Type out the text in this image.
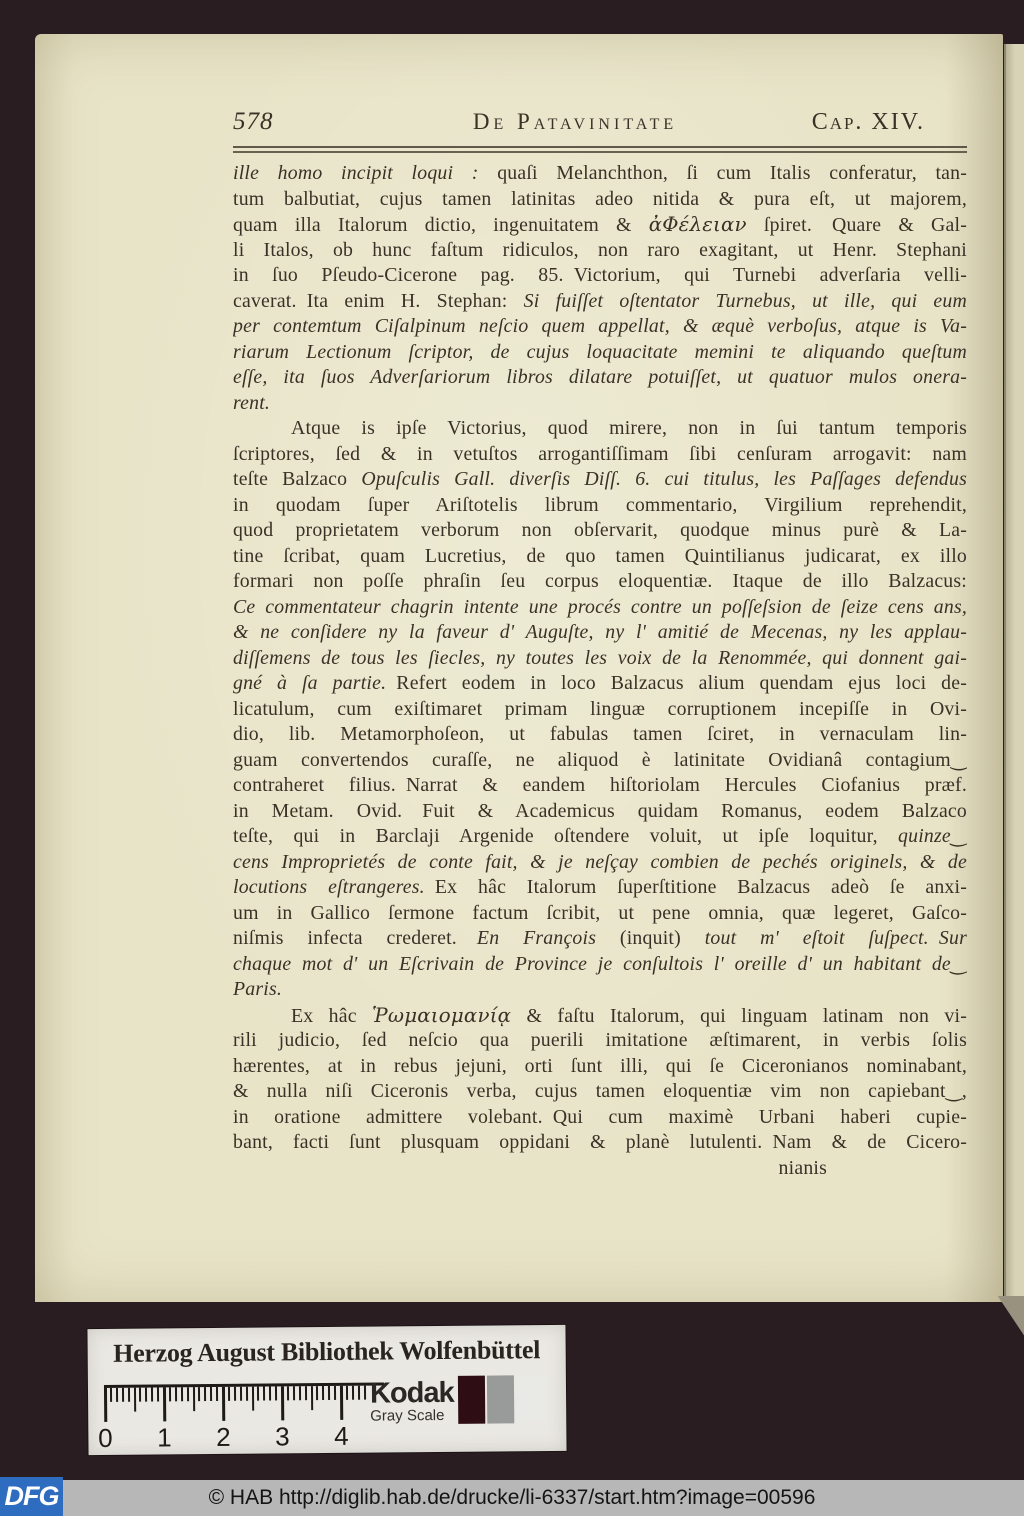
578	De Patavinitate	Cap. XIV.
ille homo incipit loqui : quaſi Melanchthon, ſi cum Italis conferatur, tan-
tum balbutiat, cujus tamen latinitas adeo nitida & pura eſt, ut majorem,
quam illa Italorum dictio, ingenuitatem & ἀΦέλειαν ſpiret. Quare & Gal-
li Italos, ob hunc faſtum ridiculos, non raro exagitant, ut Henr. Stephani
in ſuo Pſeudo-Cicerone pag. 85. Victorium, qui Turnebi adverſaria velli-
caverat. Ita enim H. Stephan: Si fuiſſet oſtentator Turnebus, ut ille, qui eum
per contemtum Ciſalpinum neſcio quem appellat, & æquè verboſus, atque is Va-
riarum Lectionum ſcriptor, de cujus loquacitate memini te aliquando queſtum
eſſe, ita ſuos Adverſariorum libros dilatare potuiſſet, ut quatuor mulos onera-
rent.
Atque is ipſe Victorius, quod mirere, non in ſui tantum temporis
ſcriptores, ſed & in vetuſtos arrogantiſſimam ſibi cenſuram arrogavit: nam
teſte Balzaco Opuſculis Gall. diverſis Diſſ. 6. cui titulus, les Paſſages defendus
in quodam ſuper Ariſtotelis librum commentario, Virgilium reprehendit,
quod proprietatem verborum non obſervarit, quodque minus purè & La-
tine ſcribat, quam Lucretius, de quo tamen Quintilianus judicarat, ex illo
formari non poſſe phraſin ſeu corpus eloquentiæ. Itaque de illo Balzacus:
Ce commentateur chagrin intente une procés contre un poſſeſsion de ſeize cens ans,
& ne conſidere ny la faveur d' Auguſte, ny l' amitié de Mecenas, ny les applau-
diſſemens de tous les ſiecles, ny toutes les voix de la Renommée, qui donnent gai-
gné à ſa partie. Refert eodem in loco Balzacus alium quendam ejus loci de-
licatulum, cum exiſtimaret primam linguæ corruptionem incepiſſe in Ovi-
dio, lib. Metamorphoſeon, ut fabulas tamen ſciret, in vernaculam lin-
guam convertendos curaſſe, ne aliquod è latinitate Ovidianâ contagium‿
contraheret filius. Narrat & eandem hiſtoriolam Hercules Ciofanius præf.
in Metam. Ovid. Fuit & Academicus quidam Romanus, eodem Balzaco
teſte, qui in Barclaji Argenide oſtendere voluit, ut ipſe loquitur, quinze‿
cens Improprietés de conte fait, & je neſçay combien de pechés originels, & de
locutions eſtrangeres. Ex hâc Italorum ſuperſtitione Balzacus adeò ſe anxi-
um in Gallico ſermone factum ſcribit, ut pene omnia, quæ legeret, Gaſco-
niſmis infecta crederet. En François (inquit) tout m' eſtoit ſuſpect. Sur
chaque mot d' un Eſcrivain de Province je conſultois l' oreille d' un habitant de‿
Paris.
Ex hâc Ῥωμαιομανίᾳ & faſtu Italorum, qui linguam latinam non vi-
rili judicio, ſed neſcio qua puerili imitatione æſtimarent, in verbis ſolis
hærentes, at in rebus jejuni, orti ſunt illi, qui ſe Ciceronianos nominabant,
& nulla niſi Ciceronis verba, cujus tamen eloquentiæ vim non capiebant‿,
in oratione admittere volebant. Qui cum maximè Urbani haberi cupie-
bant, facti ſunt plusquam oppidani & planè lutulenti. Nam & de Cicero-
nianis
Herzog August Bibliothek Wolfenbüttel
0 1 2 3 4
Kodak
Gray Scale
© HAB http://diglib.hab.de/drucke/li-6337/start.htm?image=00596
DFG
